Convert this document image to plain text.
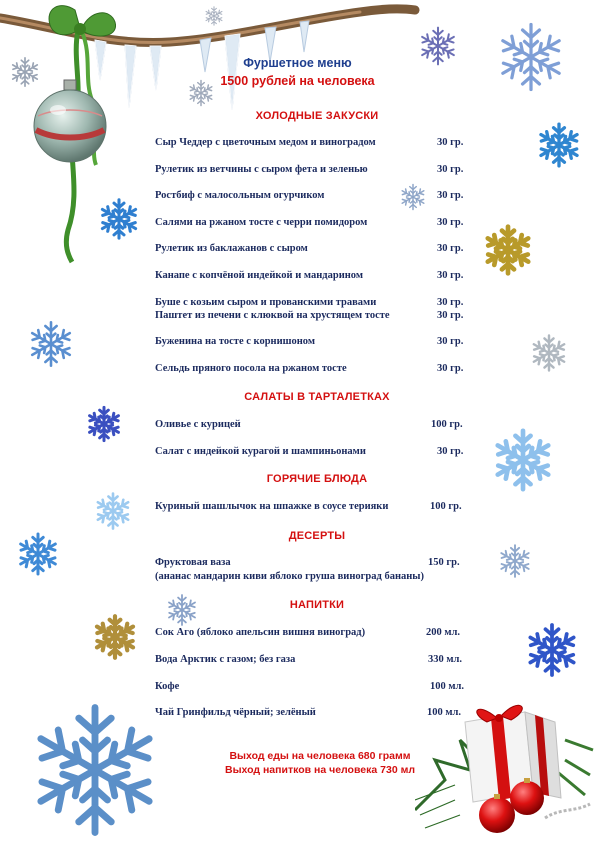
Фуршетное меню
1500 рублей на человека
ХОЛОДНЫЕ ЗАКУСКИ
Сыр Чеддер с цветочным медом и виноградом	30 гр.
Рулетик из ветчины с сыром фета и зеленью	30 гр.
Ростбиф с малосольным огурчиком	30 гр.
Салями на ржаном тосте с черри помидором	30 гр.
Рулетик из баклажанов с сыром	30 гр.
Канапе с копчёной индейкой и мандарином	30 гр.
Буше с козьим сыром и прованскими травами	30 гр.
Паштет из печени с клюквой на хрустящем тосте	30 гр.
Буженина на тосте с корнишоном	30 гр.
Сельдь пряного посола на ржаном тосте	30 гр.
САЛАТЫ В ТАРТАЛЕТКАХ
Оливье с курицей	100 гр.
Салат с индейкой курагой и шампиньонами	30 гр.
ГОРЯЧИЕ БЛЮДА
Куриный шашлычок на шпажке в соусе терияки	100 гр.
ДЕСЕРТЫ
Фруктовая ваза	150 гр.
(ананас мандарин киви яблоко груша виноград бананы)
НАПИТКИ
Сок Агo (яблоко апельсин вишня виноград)	200 мл.
Вода Арктик с газом; без газа	330 мл.
Кофе	100 мл.
Чай Гринфильд чёрный; зелёный	100 мл.
Выход еды на человека 680 грамм
Выход напитков на человека 730 мл
